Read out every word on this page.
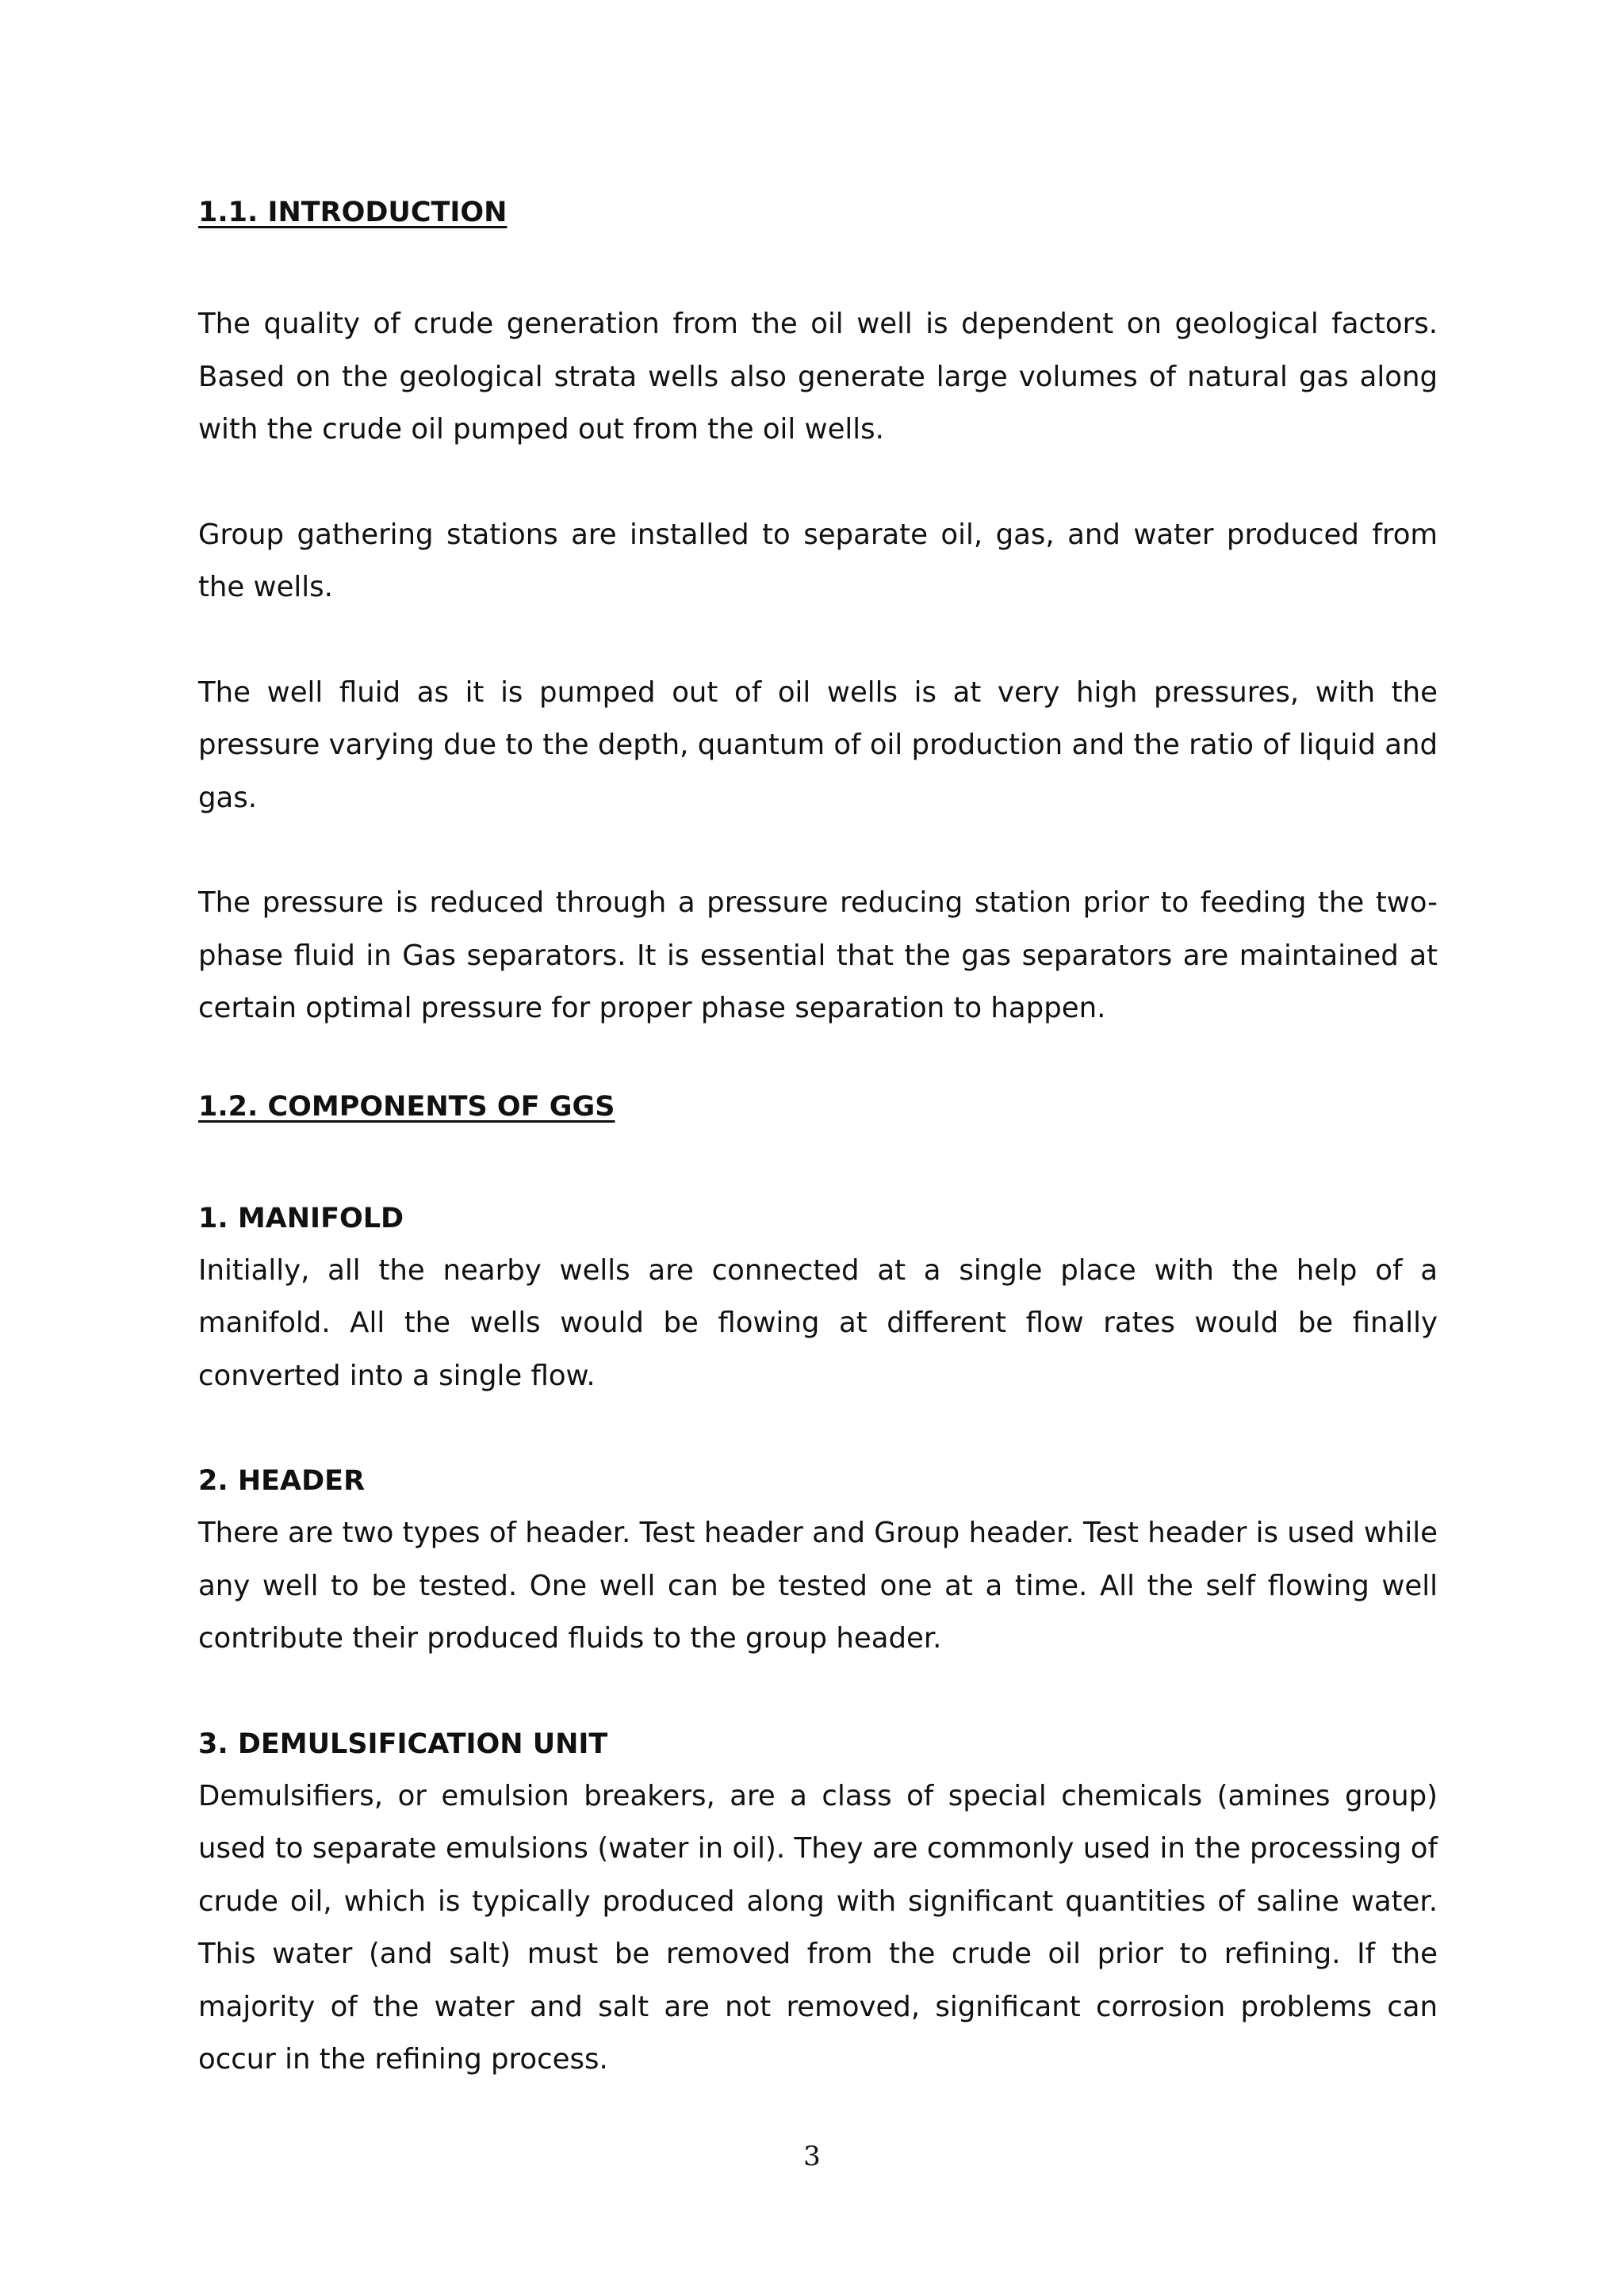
1.1. INTRODUCTION

The quality of crude generation from the oil well is dependent on geological factors. Based on the geological strata wells also generate large volumes of natural gas along with the crude oil pumped out from the oil wells.

Group gathering stations are installed to separate oil, gas, and water produced from the wells.

The well fluid as it is pumped out of oil wells is at very high pressures, with the pressure varying due to the depth, quantum of oil production and the ratio of liquid and gas.

The pressure is reduced through a pressure reducing station prior to feeding the two-phase fluid in Gas separators. It is essential that the gas separators are maintained at certain optimal pressure for proper phase separation to happen.

1.2. COMPONENTS OF GGS
1. MANIFOLD

Initially, all the nearby wells are connected at a single place with the help of a manifold. All the wells would be flowing at different flow rates would be finally converted into a single flow.

2. HEADER

There are two types of header. Test header and Group header. Test header is used while any well to be tested. One well can be tested one at a time. All the self flowing well contribute their produced fluids to the group header.

3. DEMULSIFICATION UNIT

Demulsifiers, or emulsion breakers, are a class of special chemicals (amines group) used to separate emulsions (water in oil). They are commonly used in the processing of crude oil, which is typically produced along with significant quantities of saline water. This water (and salt) must be removed from the crude oil prior to refining. If the majority of the water and salt are not removed, significant corrosion problems can occur in the refining process.

3
